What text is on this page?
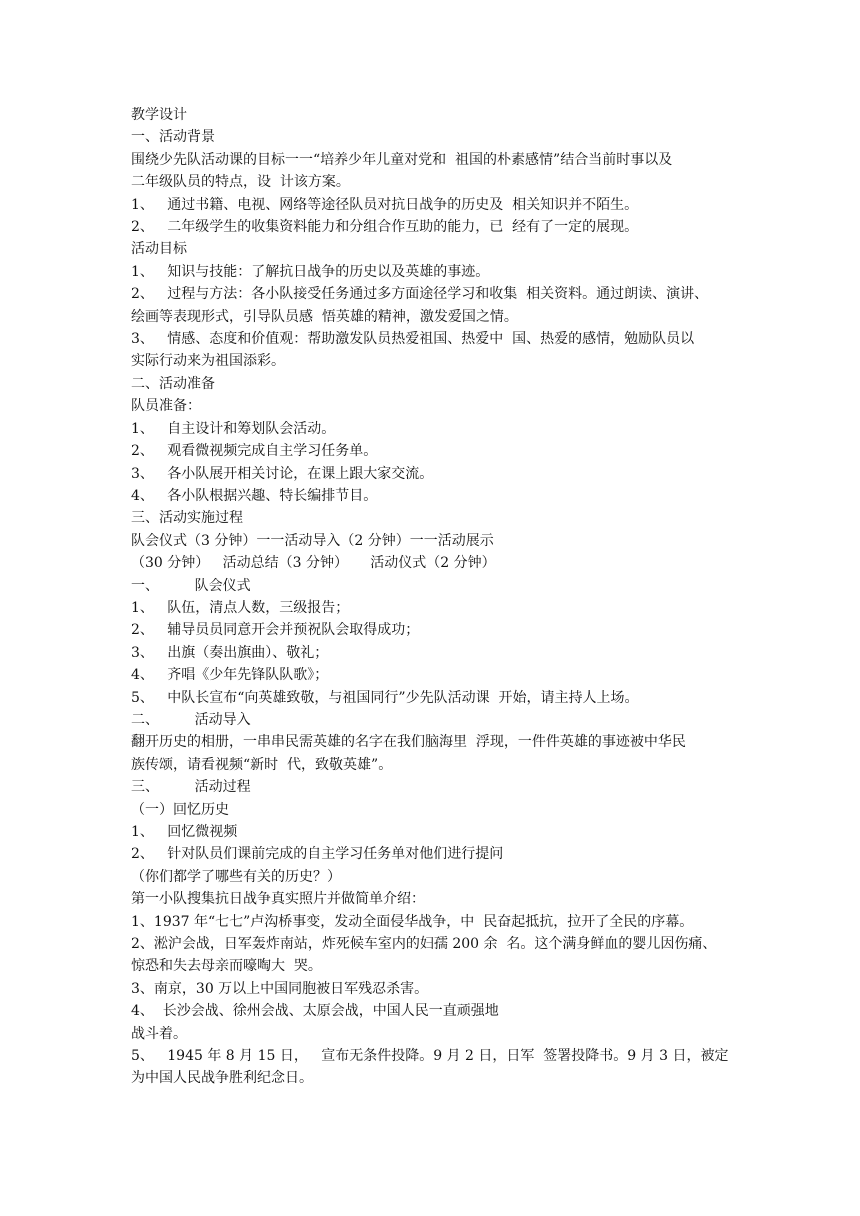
教学设计
一、活动背景
围绕少先队活动课的目标一一“培养少年儿童对党和  祖国的朴素感情”结合当前时事以及
二年级队员的特点，设  计该方案。
1、   通过书籍、电视、网络等途径队员对抗日战争的历史及  相关知识并不陌生。
2、   二年级学生的收集资料能力和分组合作互助的能力，已  经有了一定的展现。
活动目标
1、   知识与技能：了解抗日战争的历史以及英雄的事迹。
2、   过程与方法：各小队接受任务通过多方面途径学习和收集  相关资料。通过朗读、演讲、
绘画等表现形式，引导队员感  悟英雄的精神，激发爱国之情。
3、   情感、态度和价值观：帮助激发队员热爱祖国、热爱中  国、热爱的感情，勉励队员以
实际行动来为祖国添彩。
二、活动准备
队员准备：
1、   自主设计和筹划队会活动。
2、   观看微视频完成自主学习任务单。
3、   各小队展开相关讨论，在课上跟大家交流。
4、   各小队根据兴趣、特长编排节目。
三、活动实施过程
队会仪式（3 分钟）一一活动导入（2 分钟）一一活动展示
（30 分钟）   活动总结（3 分钟）     活动仪式（2 分钟）
一、        队会仪式
1、   队伍，清点人数，三级报告；
2、   辅导员员同意开会并预祝队会取得成功；
3、   出旗（奏出旗曲）、敬礼；
4、   齐唱《少年先锋队队歌》；
5、   中队长宣布“向英雄致敬，与祖国同行”少先队活动课  开始，请主持人上场。
二、        活动导入
翻开历史的相册，一串串民需英雄的名字在我们脑海里  浮现，一件件英雄的事迹被中华民
族传颂，请看视频“新时  代，致敬英雄”。
三、        活动过程
（一）回忆历史
1、   回忆微视频
2、   针对队员们课前完成的自主学习任务单对他们进行提问
（你们都学了哪些有关的历史？）
第一小队搜集抗日战争真实照片并做简单介绍：
1、1937 年“七七”卢沟桥事变，发动全面侵华战争，中  民奋起抵抗，拉开了全民的序幕。
2、淞沪会战，日军轰炸南站，炸死候车室内的妇孺 200 余  名。这个满身鲜血的婴儿因伤痛、
惊恐和失去母亲而嚎啕大  哭。
3、南京，30 万以上中国同胞被日军残忍杀害。
4、  长沙会战、徐州会战、太原会战，中国人民一直顽强地
战斗着。
5、   1945 年 8 月 15 日，   宣布无条件投降。9 月 2 日，日军  签署投降书。9 月 3 日，被定
为中国人民战争胜利纪念日。
